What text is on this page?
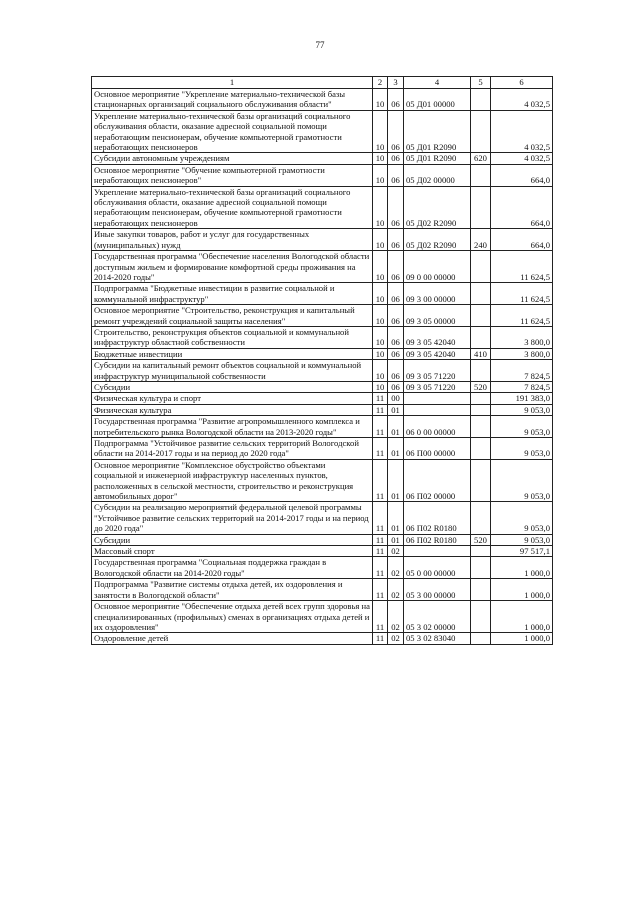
77
1	2	3	4	5	6
Основное мероприятие "Укрепление материально-технической базы стационарных организаций социального обслуживания области"	10	06	05 Д01 00000		4 032,5
Укрепление материально-технической базы организаций социального обслуживания области, оказание адресной социальной помощи неработающим пенсионерам, обучение компьютерной грамотности неработающих пенсионеров	10	06	05 Д01 R2090		4 032,5
Субсидии автономным учреждениям	10	06	05 Д01 R2090	620	4 032,5
Основное мероприятие "Обучение компьютерной грамотности неработающих пенсионеров"	10	06	05 Д02 00000		664,0
Укрепление материально-технической базы организаций социального обслуживания области, оказание адресной социальной помощи неработающим пенсионерам, обучение компьютерной грамотности неработающих пенсионеров	10	06	05 Д02 R2090		664,0
Иные закупки товаров, работ и услуг для государственных (муниципальных) нужд	10	06	05 Д02 R2090	240	664,0
Государственная программа "Обеспечение населения Вологодской области доступным жильем и формирование комфортной среды проживания на 2014-2020 годы"	10	06	09 0 00 00000		11 624,5
Подпрограмма "Бюджетные инвестиции в развитие социальной и коммунальной инфраструктур"	10	06	09 3 00 00000		11 624,5
Основное мероприятие "Строительство, реконструкция и капитальный ремонт учреждений социальной защиты населения"	10	06	09 3 05 00000		11 624,5
Строительство, реконструкция объектов социальной и коммунальной инфраструктур областной собственности	10	06	09 3 05 42040		3 800,0
Бюджетные инвестиции	10	06	09 3 05 42040	410	3 800,0
Субсидии на капитальный ремонт объектов социальной и коммунальной инфраструктур муниципальной собственности	10	06	09 3 05 71220		7 824,5
Субсидии	10	06	09 3 05 71220	520	7 824,5
Физическая культура и спорт	11	00			191 383,0
Физическая культура	11	01			9 053,0
Государственная программа "Развитие агропромышленного комплекса и потребительского рынка Вологодской области на 2013-2020 годы"	11	01	06 0 00 00000		9 053,0
Подпрограмма "Устойчивое развитие сельских территорий Вологодской области на 2014-2017 годы и на период до 2020 года"	11	01	06 П00 00000		9 053,0
Основное мероприятие "Комплексное обустройство объектами социальной и инженерной инфраструктур населенных пунктов, расположенных в сельской местности, строительство и реконструкция автомобильных дорог"	11	01	06 П02 00000		9 053,0
Субсидии на реализацию мероприятий федеральной целевой программы "Устойчивое развитие сельских территорий на 2014-2017 годы и на период до 2020 года"	11	01	06 П02 R0180		9 053,0
Субсидии	11	01	06 П02 R0180	520	9 053,0
Массовый спорт	11	02			97 517,1
Государственная программа "Социальная поддержка граждан в Вологодской области на 2014-2020 годы"	11	02	05 0 00 00000		1 000,0
Подпрограмма "Развитие системы отдыха детей, их оздоровления и занятости в Вологодской области"	11	02	05 3 00 00000		1 000,0
Основное мероприятие "Обеспечение отдыха детей всех групп здоровья на специализированных (профильных) сменах в организациях отдыха детей и их оздоровления"	11	02	05 3 02 00000		1 000,0
Оздоровление детей	11	02	05 3 02 83040		1 000,0
